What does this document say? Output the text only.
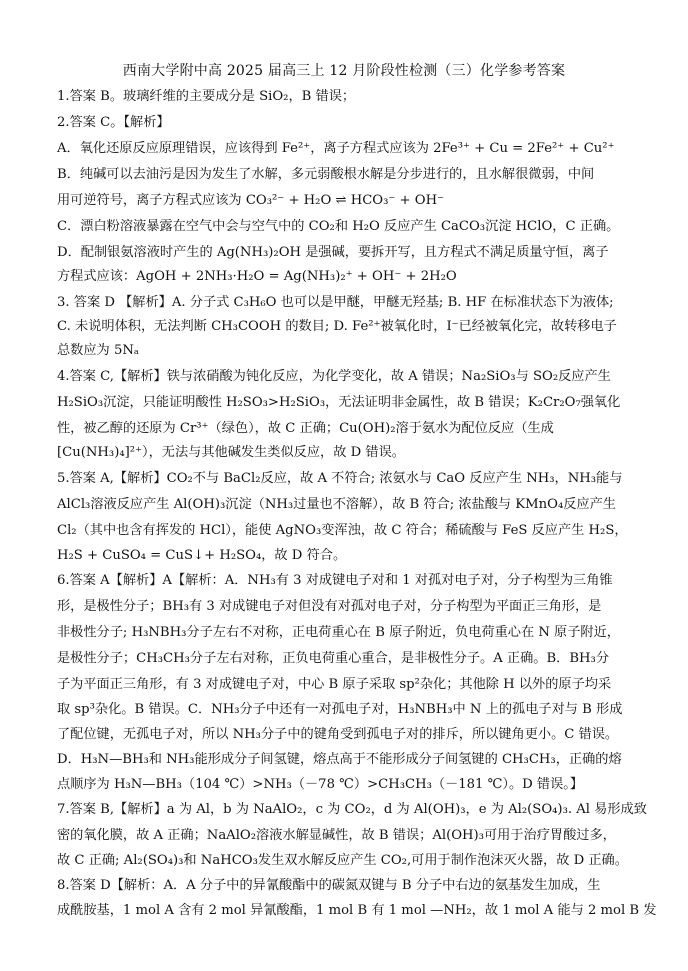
西南大学附中高 2025 届高三上 12 月阶段性检测（三）化学参考答案
1.答案 B。玻璃纤维的主要成分是 SiO₂，B 错误；
2.答案 C。【解析】
A．氧化还原反应原理错误，应该得到 Fe²⁺，离子方程式应该为 2Fe³⁺ + Cu = 2Fe²⁺ + Cu²⁺
B．纯碱可以去油污是因为发生了水解，多元弱酸根水解是分步进行的，且水解很微弱，中间
用可逆符号，离子方程式应该为 CO₃²⁻ + H₂O ⇌ HCO₃⁻ + OH⁻
C．漂白粉溶液暴露在空气中会与空气中的 CO₂和 H₂O 反应产生 CaCO₃沉淀 HClO，C 正确。
D．配制银氨溶液时产生的 Ag(NH₃)₂OH 是强碱，要拆开写，且方程式不满足质量守恒，离子
方程式应该：AgOH + 2NH₃·H₂O = Ag(NH₃)₂⁺ + OH⁻ + 2H₂O
3. 答案 D 【解析】A. 分子式 C₃H₆O 也可以是甲醚，甲醚无羟基; B. HF 在标准状态下为液体;
C. 未说明体积，无法判断 CH₃COOH 的数目; D. Fe²⁺被氧化时，I⁻已经被氧化完，故转移电子
总数应为 5Nₐ
4.答案 C,【解析】铁与浓硝酸为钝化反应，为化学变化，故 A 错误；Na₂SiO₃与 SO₂反应产生
H₂SiO₃沉淀，只能证明酸性 H₂SO₃>H₂SiO₃，无法证明非金属性，故 B 错误；K₂Cr₂O₇强氧化
性，被乙醇的还原为 Cr³⁺（绿色），故 C 正确；Cu(OH)₂溶于氨水为配位反应（生成
[Cu(NH₃)₄]²⁺），无法与其他碱发生类似反应，故 D 错误。
5.答案 A,【解析】CO₂不与 BaCl₂反应，故 A 不符合; 浓氨水与 CaO 反应产生 NH₃，NH₃能与
AlCl₃溶液反应产生 Al(OH)₃沉淀（NH₃过量也不溶解），故 B 符合; 浓盐酸与 KMnO₄反应产生
Cl₂（其中也含有挥发的 HCl），能使 AgNO₃变浑浊，故 C 符合；稀硫酸与 FeS 反应产生 H₂S，
H₂S + CuSO₄ = CuS↓+ H₂SO₄，故 D 符合。
6.答案 A【解析】A【解析：A．NH₃有 3 对成键电子对和 1 对孤对电子对，分子构型为三角锥
形，是极性分子；BH₃有 3 对成键电子对但没有对孤对电子对，分子构型为平面正三角形，是
非极性分子; H₃NBH₃分子左右不对称，正电荷重心在 B 原子附近，负电荷重心在 N 原子附近，
是极性分子；CH₃CH₃分子左右对称，正负电荷重心重合，是非极性分子。A 正确。B．BH₃分
子为平面正三角形，有 3 对成键电子对，中心 B 原子采取 sp²杂化；其他除 H 以外的原子均采
取 sp³杂化。B 错误。C．NH₃分子中还有一对孤电子对，H₃NBH₃中 N 上的孤电子对与 B 形成
了配位键，无孤电子对，所以 NH₃分子中的键角受到孤电子对的排斥，所以键角更小。C 错误。
D．H₃N—BH₃和 NH₃能形成分子间氢键，熔点高于不能形成分子间氢键的 CH₃CH₃，正确的熔
点顺序为 H₃N—BH₃（104 ℃）>NH₃（－78 ℃）>CH₃CH₃（－181 ℃）。D 错误。】
7.答案 B,【解析】a 为 Al，b 为 NaAlO₂，c 为 CO₂，d 为 Al(OH)₃，e 为 Al₂(SO₄)₃. Al 易形成致
密的氧化膜，故 A 正确；NaAlO₂溶液水解显碱性，故 B 错误；Al(OH)₃可用于治疗胃酸过多，
故 C 正确; Al₂(SO₄)₃和 NaHCO₃发生双水解反应产生 CO₂,可用于制作泡沫灭火器，故 D 正确。
8.答案 D【解析：A．A 分子中的异氰酸酯中的碳氮双键与 B 分子中右边的氨基发生加成，生
成酰胺基，1 mol A 含有 2 mol 异氰酸酯，1 mol B 有 1 mol —NH₂，故 1 mol A 能与 2 mol B 发
